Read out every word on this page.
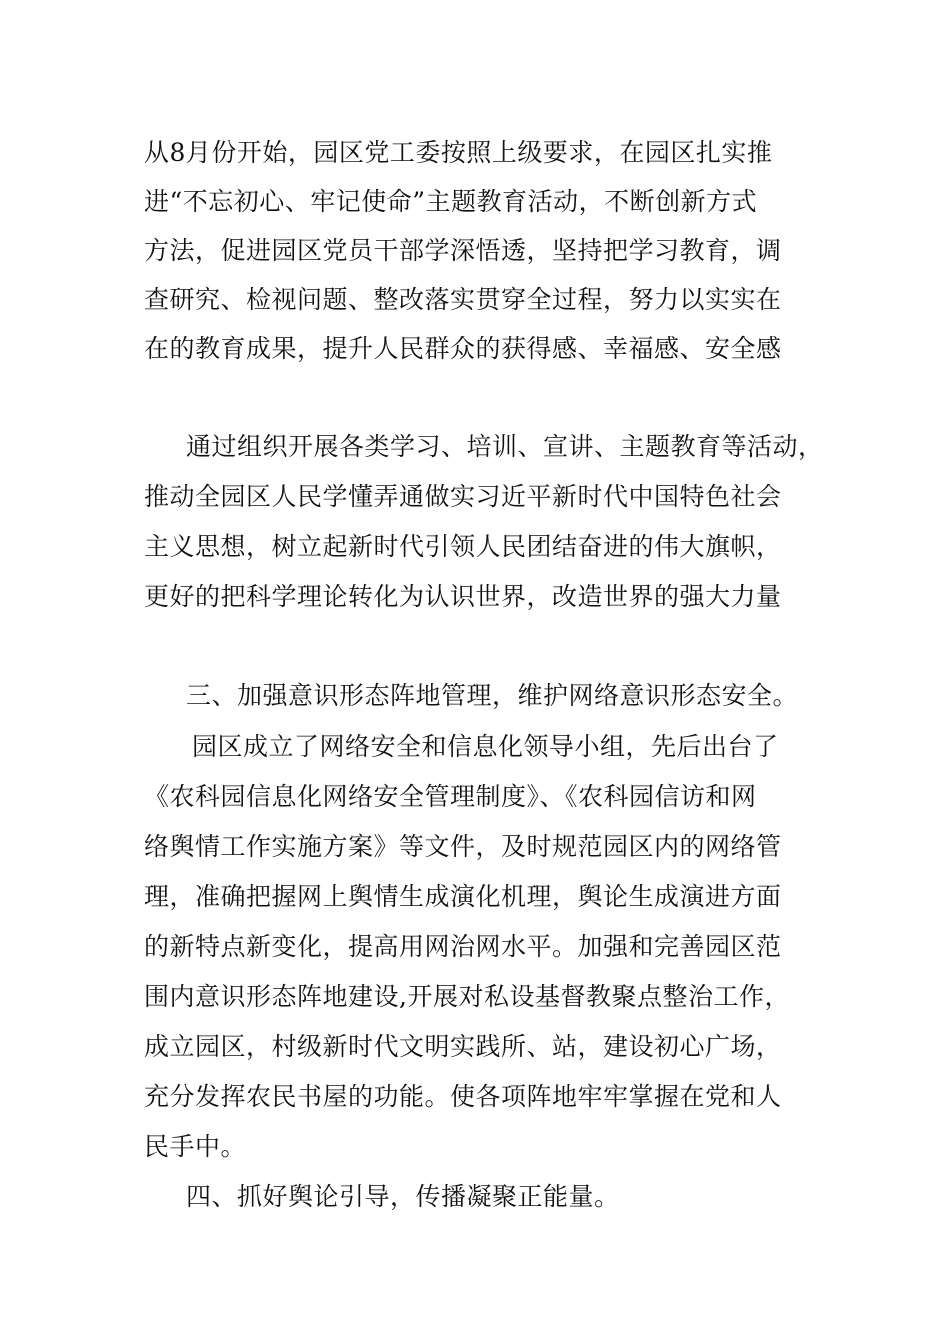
从8月份开始，园区党工委按照上级要求，在园区扎实推
进“不忘初心、牢记使命”主题教育活动，不断创新方式
方法，促进园区党员干部学深悟透，坚持把学习教育，调
查研究、检视问题、整改落实贯穿全过程，努力以实实在
在的教育成果，提升人民群众的获得感、幸福感、安全感
通过组织开展各类学习、培训、宣讲、主题教育等活动，
推动全园区人民学懂弄通做实习近平新时代中国特色社会
主义思想，树立起新时代引领人民团结奋进的伟大旗帜，
更好的把科学理论转化为认识世界，改造世界的强大力量
三、加强意识形态阵地管理，维护网络意识形态安全。
园区成立了网络安全和信息化领导小组，先后出台了
《农科园信息化网络安全管理制度》、《农科园信访和网
络舆情工作实施方案》等文件，及时规范园区内的网络管
理，准确把握网上舆情生成演化机理，舆论生成演进方面
的新特点新变化，提高用网治网水平。加强和完善园区范
围内意识形态阵地建设,开展对私设基督教聚点整治工作，
成立园区，村级新时代文明实践所、站，建设初心广场，
充分发挥农民书屋的功能。使各项阵地牢牢掌握在党和人
民手中。
四、抓好舆论引导，传播凝聚正能量。
